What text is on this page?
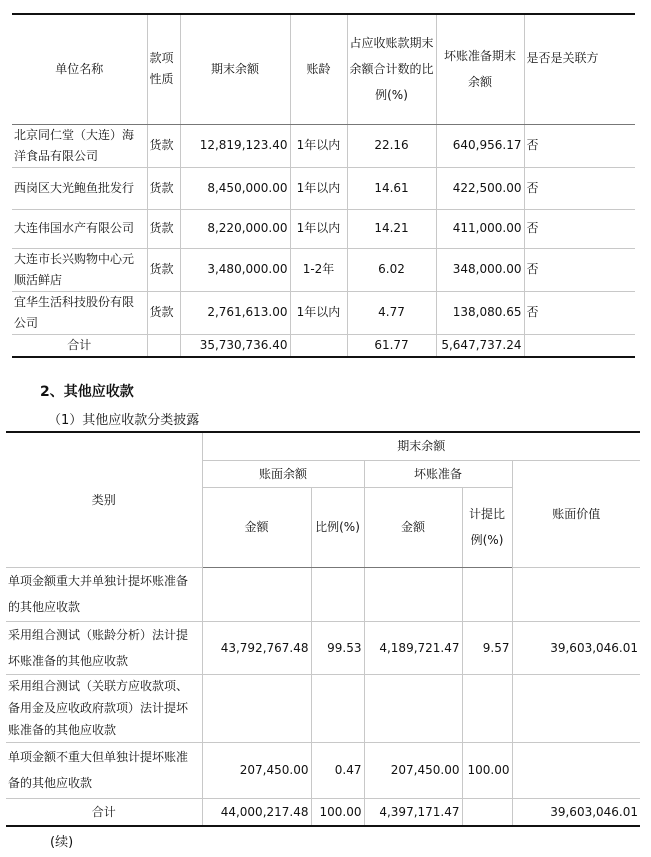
单位名称	款项性质	期末余额	账龄	占应收账款期末余额合计数的比例(%)	坏账准备期末余额	是否是关联方
北京同仁堂（大连）海洋食品有限公司	货款	12,819,123.40	1年以内	22.16	640,956.17	否
西岗区大光鲍鱼批发行	货款	8,450,000.00	1年以内	14.61	422,500.00	否
大连伟国水产有限公司	货款	8,220,000.00	1年以内	14.21	411,000.00	否
大连市长兴购物中心元顺活鲜店	货款	3,480,000.00	1-2年	6.02	348,000.00	否
宜华生活科技股份有限公司	货款	2,761,613.00	1年以内	4.77	138,080.65	否
合计		35,730,736.40		61.77	5,647,737.24	
2、其他应收款
（1）其他应收款分类披露
类别	期末余额				
	账面余额		坏账准备		账面价值
	金额	比例(%)	金额	计提比例(%)	
单项金额重大并单独计提坏账准备的其他应收款					
采用组合测试（账龄分析）法计提坏账准备的其他应收款	43,792,767.48	99.53	4,189,721.47	9.57	39,603,046.01
采用组合测试（关联方应收款项、备用金及应收政府款项）法计提坏账准备的其他应收款					
单项金额不重大但单独计提坏账准备的其他应收款	207,450.00	0.47	207,450.00	100.00	
合计	44,000,217.48	100.00	4,397,171.47		39,603,046.01
(续)
